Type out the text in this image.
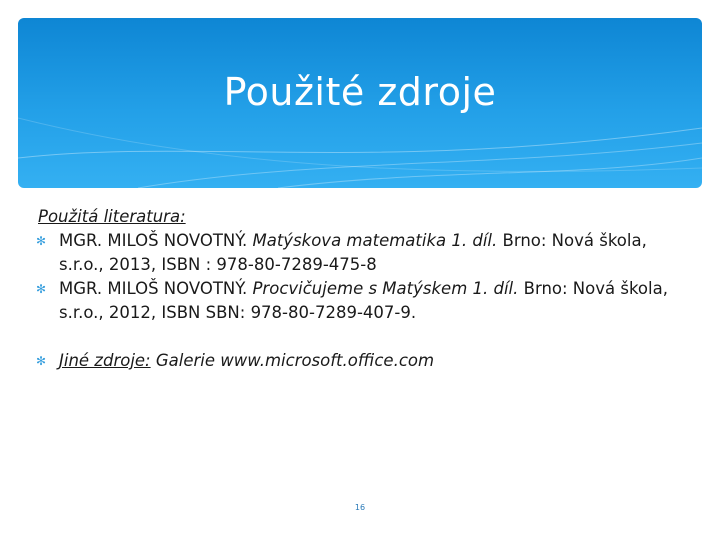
Použité zdroje
Použitá literatura:
✻ MGR. MILOŠ NOVOTNÝ. Matýskova matematika 1. díl. Brno: Nová škola, s.r.o., 2013, ISBN : 978-80-7289-475-8
✻ MGR. MILOŠ NOVOTNÝ. Procvičujeme s Matýskem 1. díl. Brno: Nová škola, s.r.o., 2012, ISBN SBN: 978-80-7289-407-9.
✻ Jiné zdroje: Galerie www.microsoft.office.com
16
